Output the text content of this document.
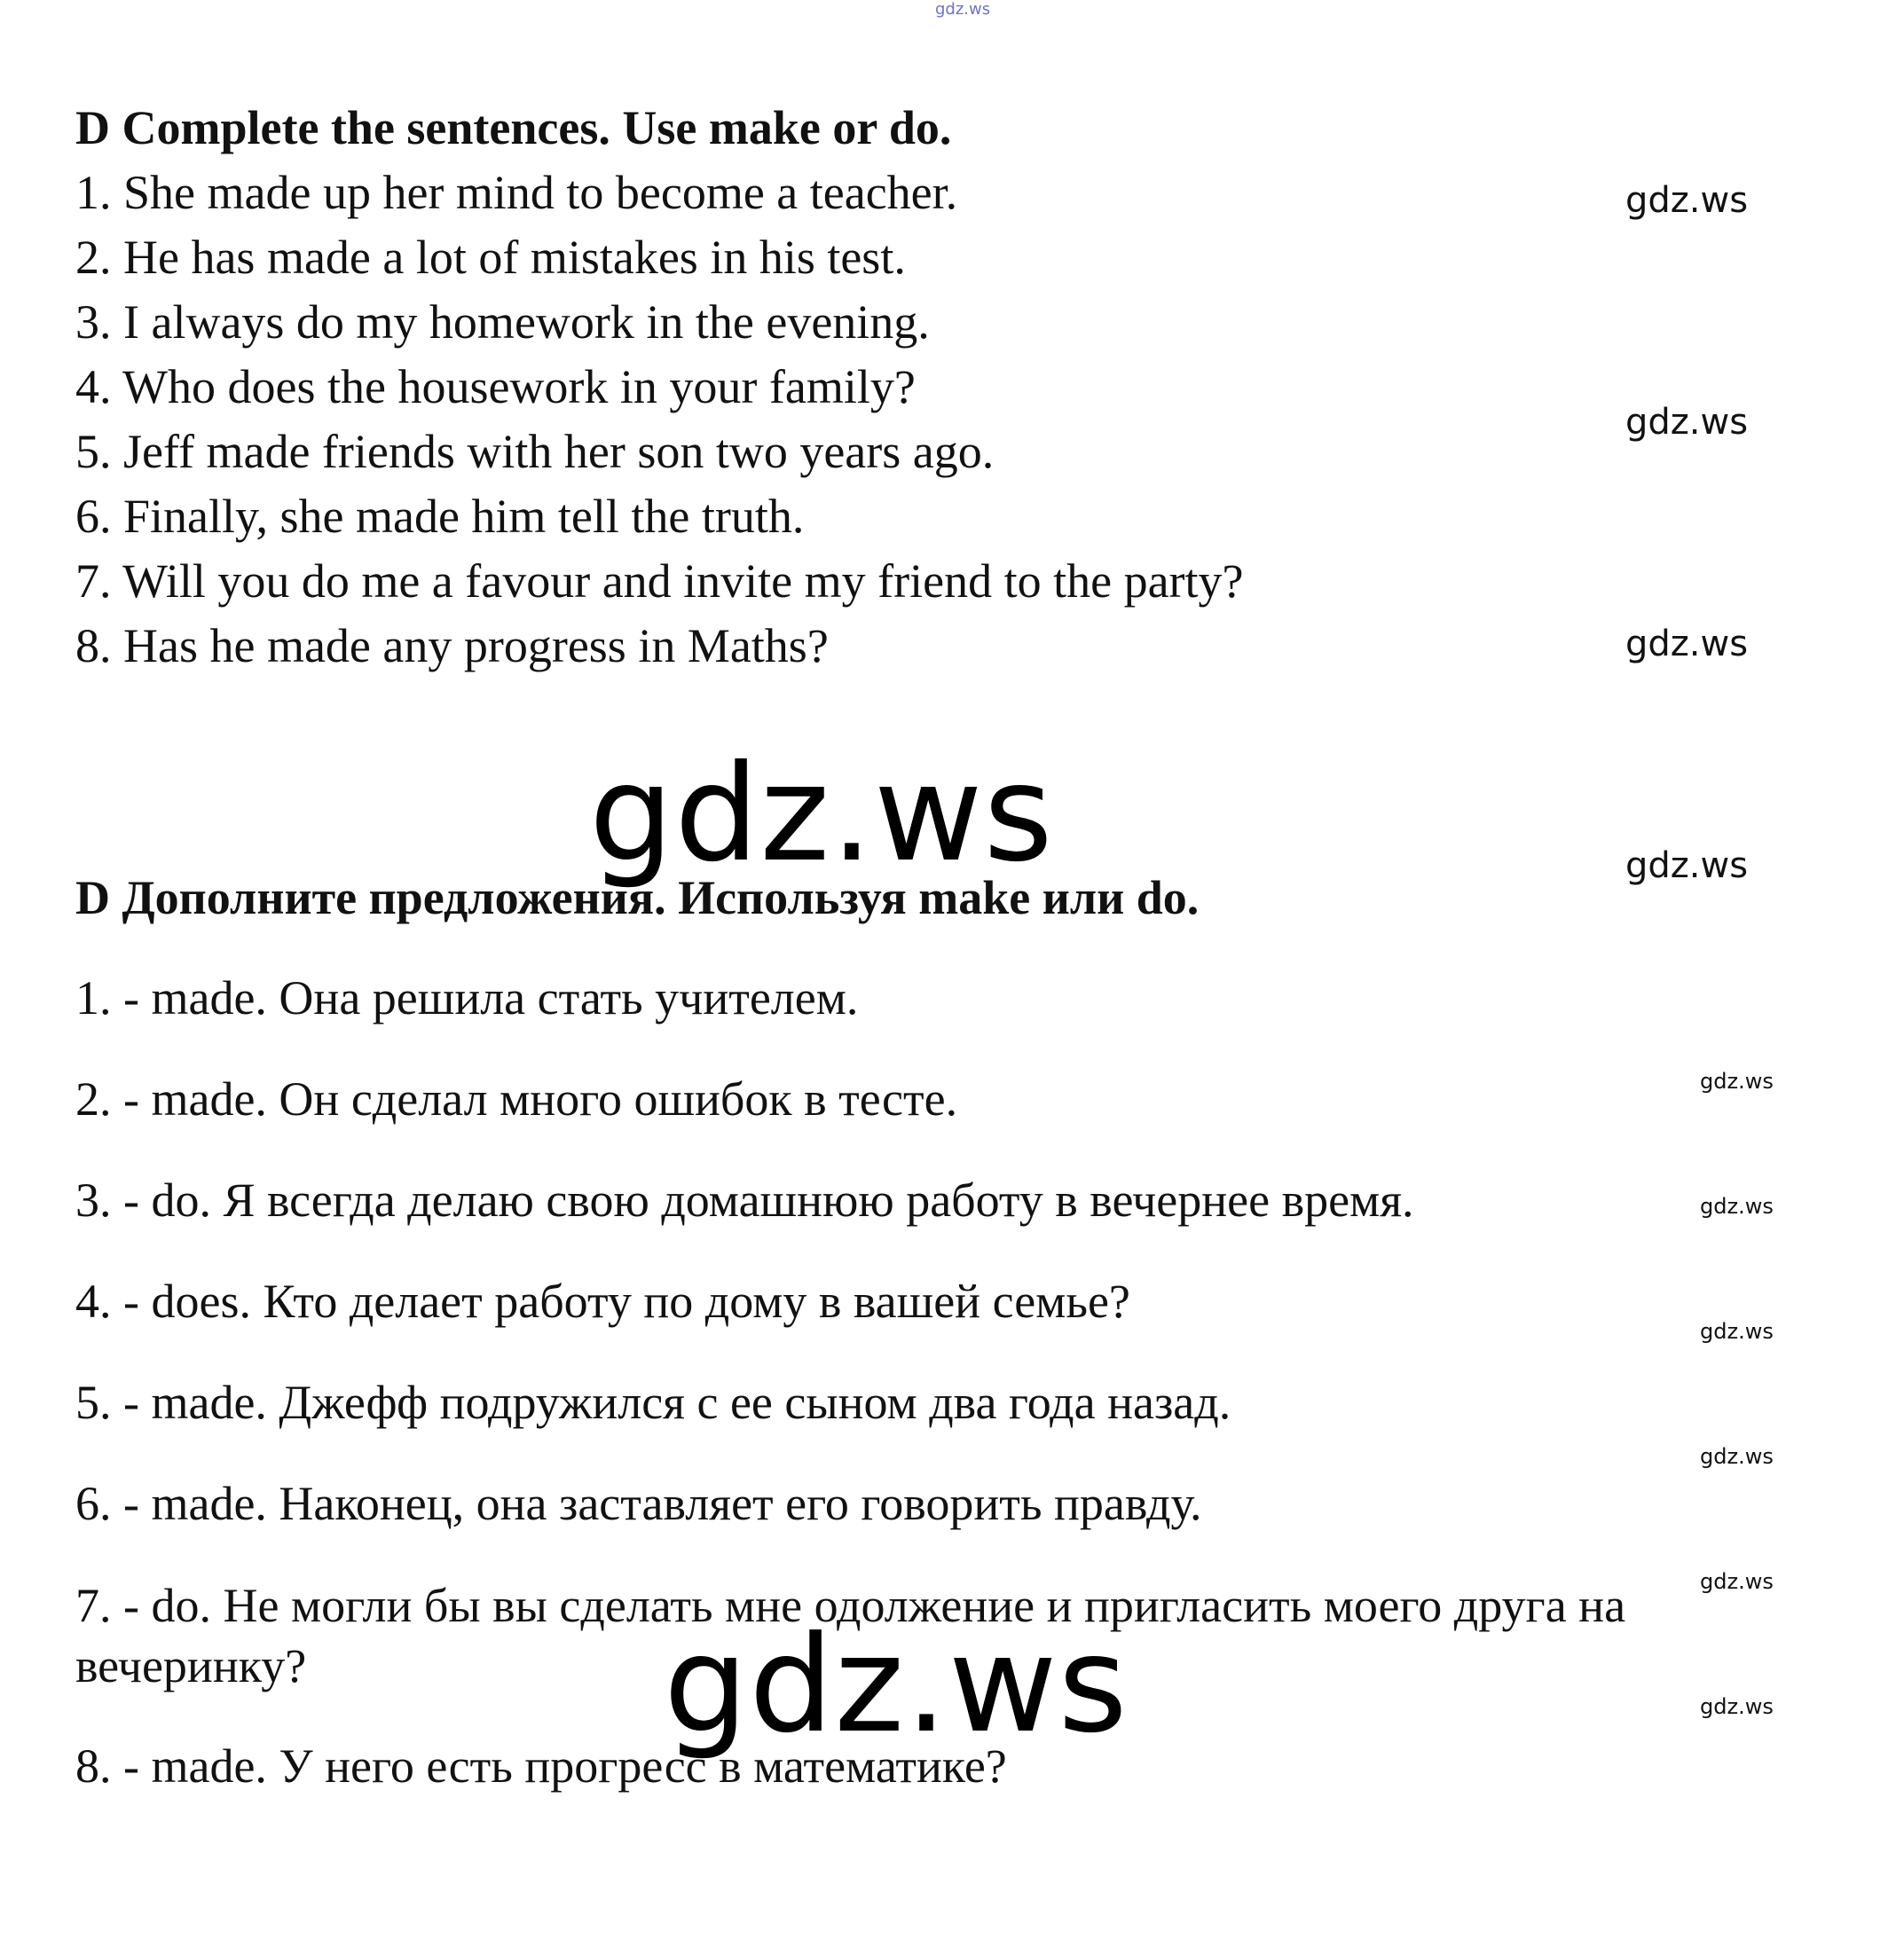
gdz.ws

D Complete the sentences. Use make or do.

1. She made up her mind to become a teacher.

2. He has made a lot of mistakes in his test.

3. I always do my homework in the evening.

4. Who does the housework in your family?

5. Jeff made friends with her son two years ago.

6. Finally, she made him tell the truth.

7. Will you do me a favour and invite my friend to the party?

8. Has he made any progress in Maths?

gdz.ws

gdz.ws

gdz.ws

gdz.ws

gdz.ws

D Дополните предложения. Используя make или do.

1. - made. Она решила стать учителем.

2. - made. Он сделал много ошибок в тесте.

3. - do. Я всегда делаю свою домашнюю работу в вечернее время.

4. - does. Кто делает работу по дому в вашей семье?

5. - made. Джефф подружился с ее сыном два года назад.

6. - made. Наконец, она заставляет его говорить правду.

7. - do. Не могли бы вы сделать мне одолжение и пригласить моего друга на вечеринку?

8. - made. У него есть прогресс в математике?

gdz.ws

gdz.ws

gdz.ws

gdz.ws

gdz.ws

gdz.ws

gdz.ws
